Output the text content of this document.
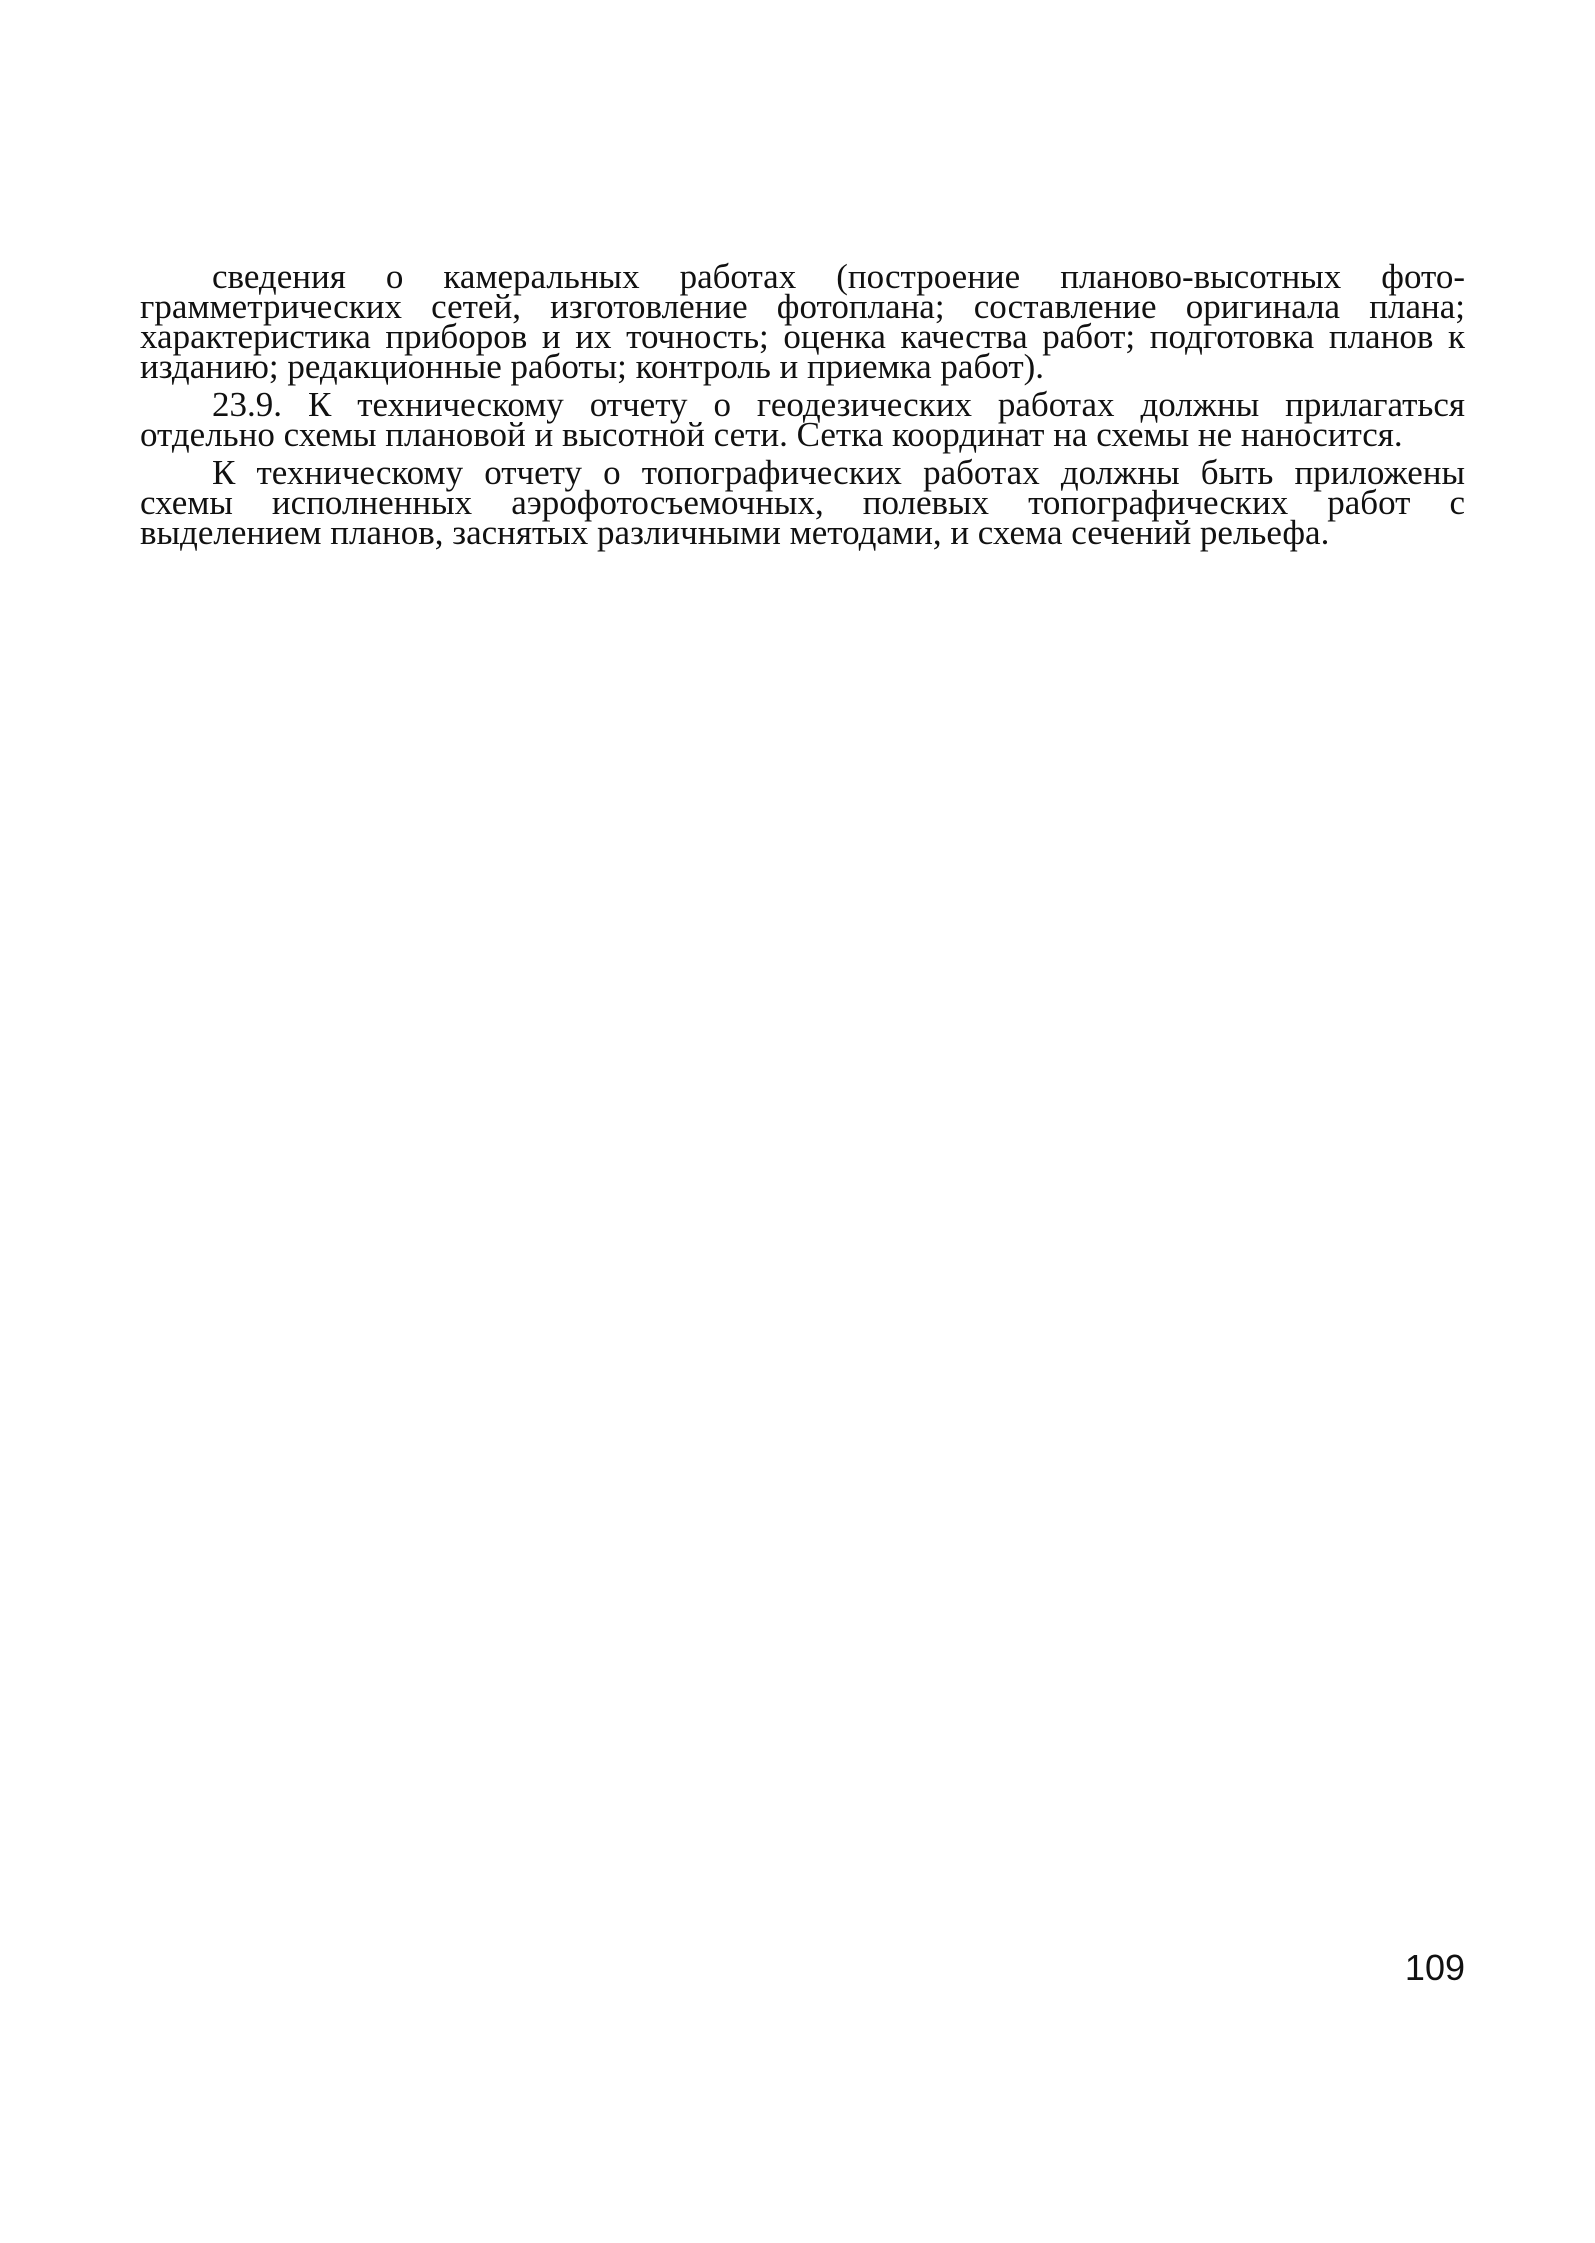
сведения о камеральных работах (построение планово-высотных фотограмметрических сетей, изготовление фотоплана; составление оригинала плана; характеристика приборов и их точность; оценка качества работ; подготовка планов к изданию; редакционные работы; контроль и приемка работ).

23.9. К техническому отчету о геодезических работах должны прилагаться отдельно схемы плановой и высотной сети. Сетка координат на схемы не наносится.

К техническому отчету о топографических работах должны быть приложены схемы исполненных аэрофотосъемочных, полевых топографических работ с выделением планов, заснятых различными методами, и схема сечений рельефа.

109
